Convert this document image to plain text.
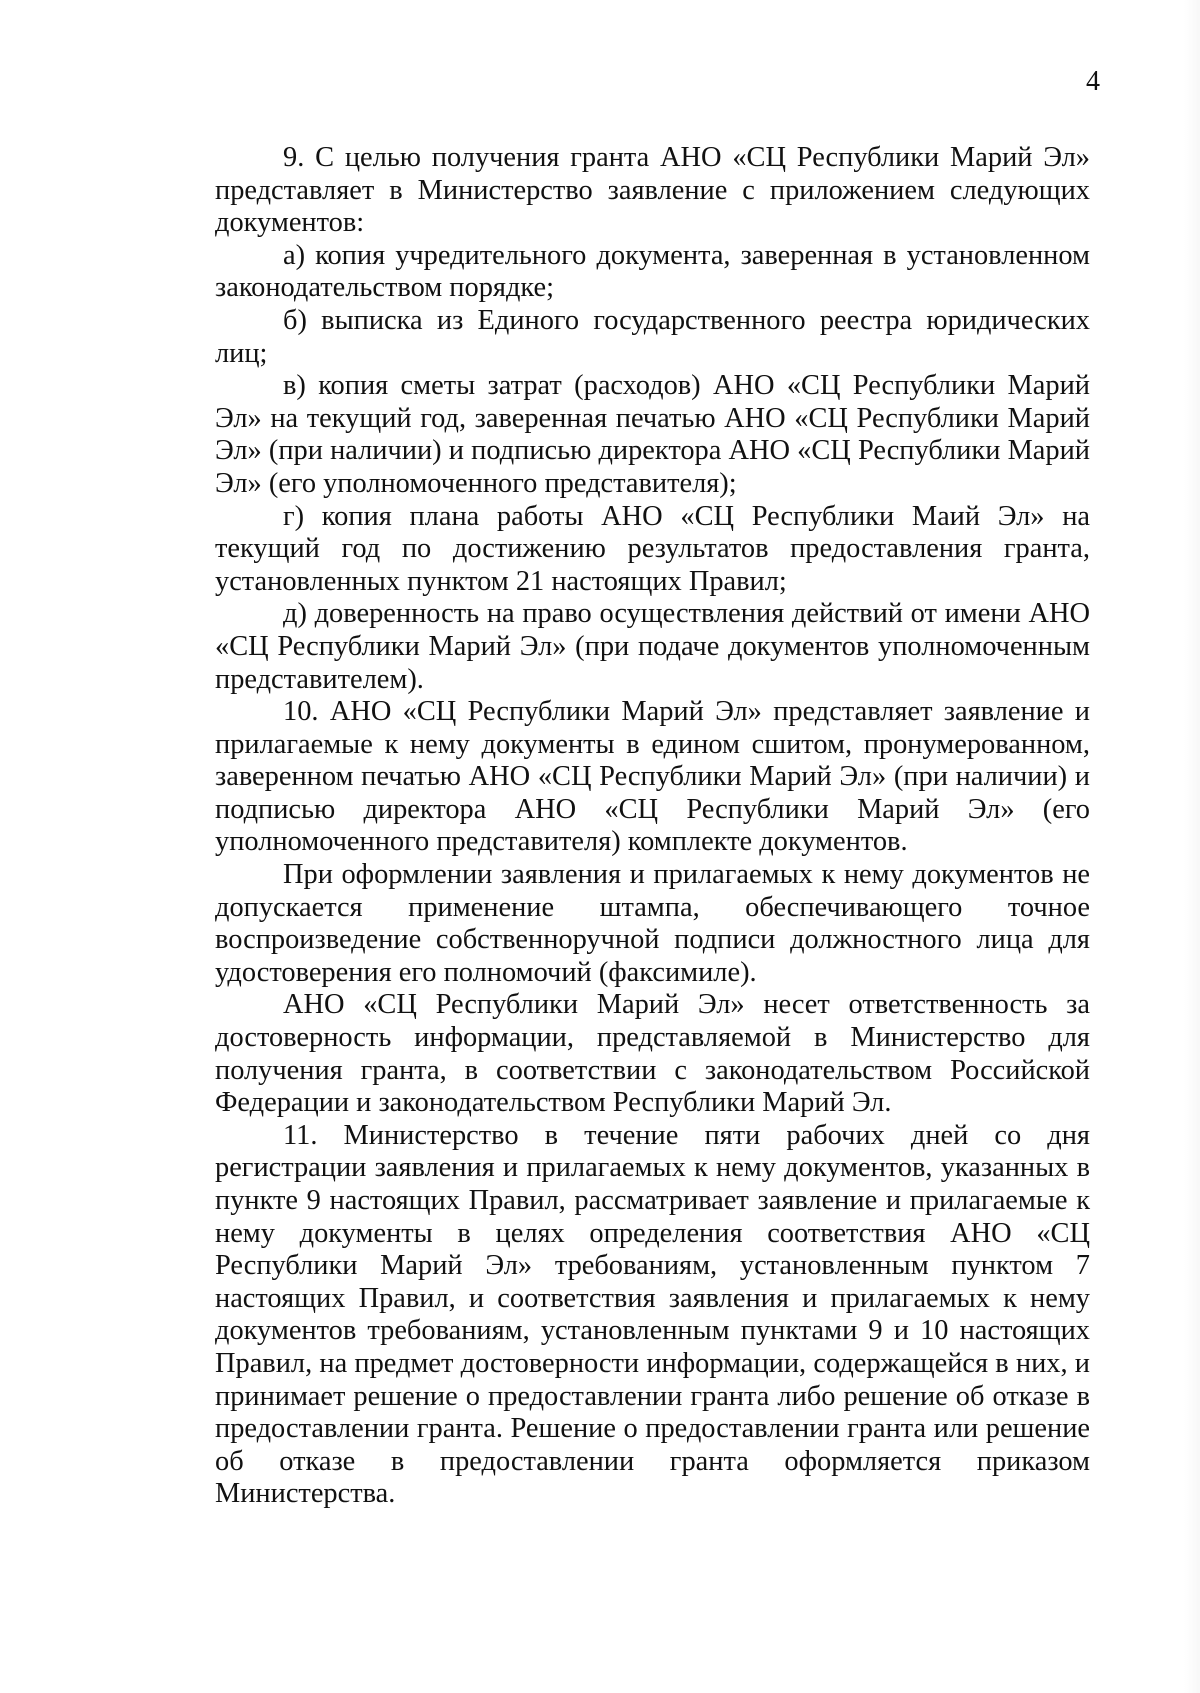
4

9. С целью получения гранта АНО «СЦ Республики Марий Эл» представляет в Министерство заявление с приложением следующих документов:

а) копия учредительного документа, заверенная в установленном законодательством порядке;

б) выписка из Единого государственного реестра юридических лиц;

в) копия сметы затрат (расходов) АНО «СЦ Республики Марий Эл» на текущий год, заверенная печатью АНО «СЦ Республики Марий Эл» (при наличии) и подписью директора АНО «СЦ Республики Марий Эл» (его уполномоченного представителя);

г) копия плана работы АНО «СЦ Республики Маий Эл» на текущий год по достижению результатов предоставления гранта, установленных пунктом 21 настоящих Правил;

д) доверенность на право осуществления действий от имени АНО «СЦ Республики Марий Эл» (при подаче документов уполномоченным представителем).

10. АНО «СЦ Республики Марий Эл» представляет заявление и прилагаемые к нему документы в едином сшитом, пронумерованном, заверенном печатью АНО «СЦ Республики Марий Эл» (при наличии) и подписью директора АНО «СЦ Республики Марий Эл» (его уполномоченного представителя) комплекте документов.

При оформлении заявления и прилагаемых к нему документов не допускается применение штампа, обеспечивающего точное воспроизведение собственноручной подписи должностного лица для удостоверения его полномочий (факсимиле).

АНО «СЦ Республики Марий Эл» несет ответственность за достоверность информации, представляемой в Министерство для получения гранта, в соответствии с законодательством Российской Федерации и законодательством Республики Марий Эл.

11. Министерство в течение пяти рабочих дней со дня регистрации заявления и прилагаемых к нему документов, указанных в пункте 9 настоящих Правил, рассматривает заявление и прилагаемые к нему документы в целях определения соответствия АНО «СЦ Республики Марий Эл» требованиям, установленным пунктом 7 настоящих Правил, и соответствия заявления и прилагаемых к нему документов требованиям, установленным пунктами 9 и 10 настоящих Правил, на предмет достоверности информации, содержащейся в них, и принимает решение о предоставлении гранта либо решение об отказе в предоставлении гранта. Решение о предоставлении гранта или решение об отказе в предоставлении гранта оформляется приказом Министерства.
